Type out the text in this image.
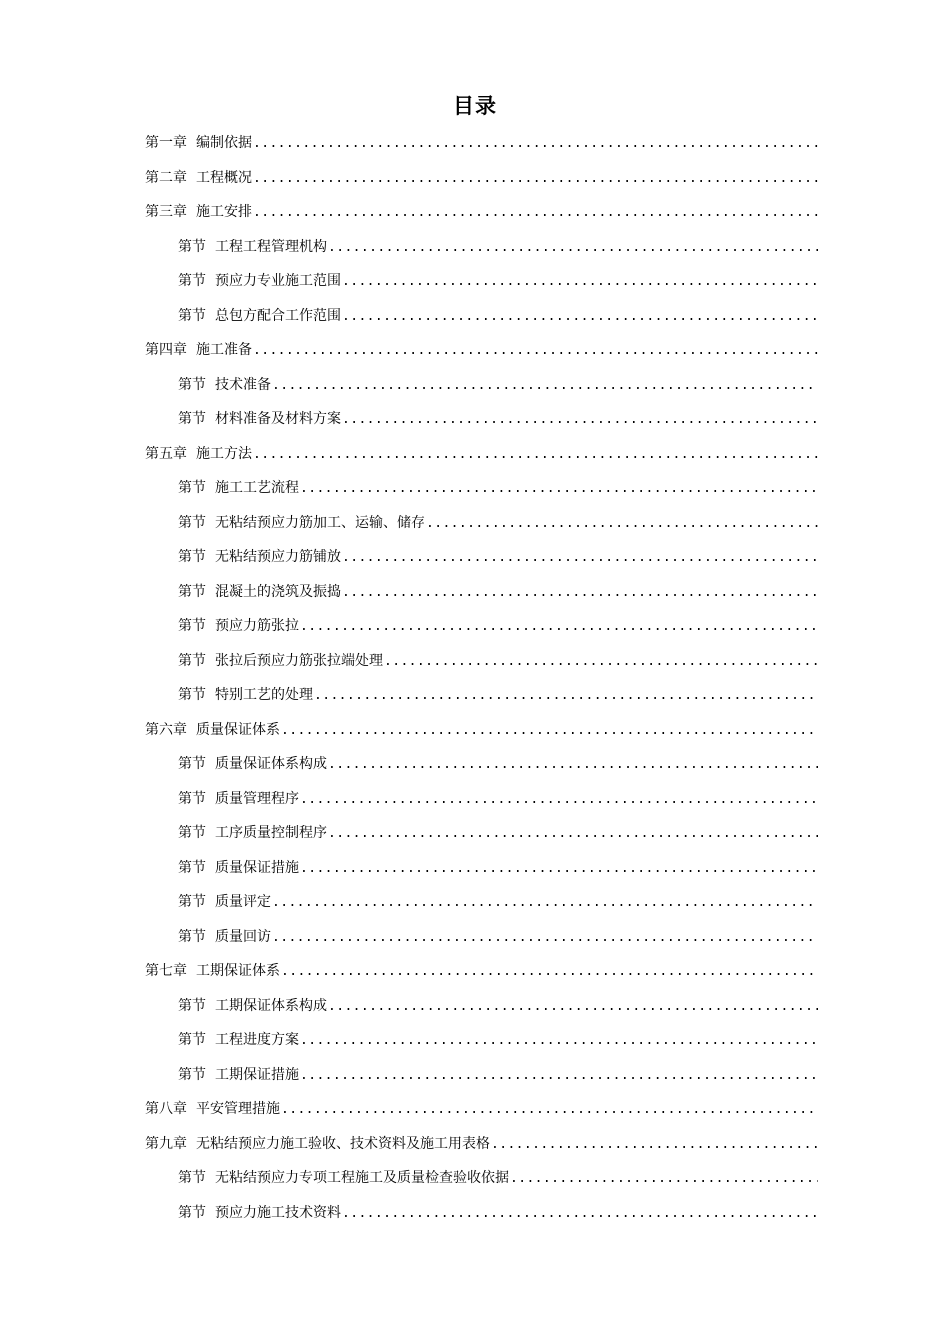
目录
第一章 编制依据
.....
第二章 工程概况
.....
第三章 施工安排
.....
第节 工程工程管理机构
.....
第节 预应力专业施工范围
.....
第节 总包方配合工作范围
.....
第四章 施工准备
.....
第节 技术准备
.....
第节 材料准备及材料方案
.....
第五章 施工方法
.....
第节 施工工艺流程
.....
第节 无粘结预应力筋加工、运输、储存
.....
第节 无粘结预应力筋铺放
.....
第节 混凝土的浇筑及振捣
.....
第节 预应力筋张拉
.....
第节 张拉后预应力筋张拉端处理
.....
第节 特别工艺的处理
.....
第六章 质量保证体系
.....
第节 质量保证体系构成
.....
第节 质量管理程序
.....
第节 工序质量控制程序
.....
第节 质量保证措施
.....
第节 质量评定
.....
第节 质量回访
.....
第七章 工期保证体系
.....
第节 工期保证体系构成
.....
第节 工程进度方案
.....
第节 工期保证措施
.....
第八章 平安管理措施
.....
第九章 无粘结预应力施工验收、技术资料及施工用表格
.....
第节 无粘结预应力专项工程施工及质量检查验收依据
.....
第节 预应力施工技术资料
.....
